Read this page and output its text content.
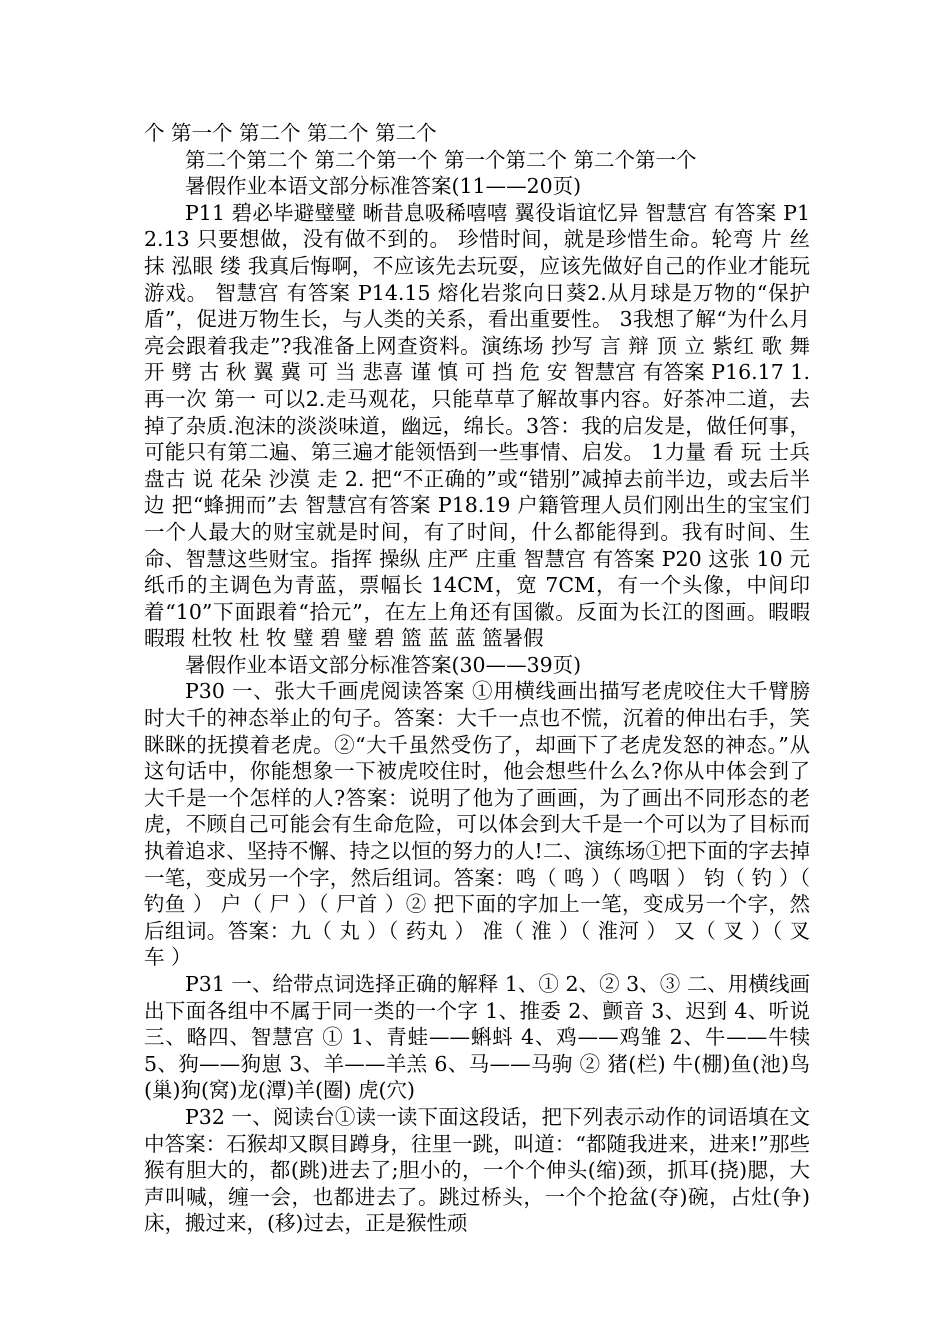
个 第一个 第二个 第二个 第二个

第二个第二个 第二个第一个 第一个第二个 第二个第一个

暑假作业本语文部分标准答案(11——20页)

P11 碧必毕避璧璧 晰昔息吸稀嘻嘻 翼役诣谊忆异 智慧宫 有答案 P12.13 只要想做，没有做不到的。 珍惜时间，就是珍惜生命。轮弯 片 丝 抹 泓眼 缕 我真后悔啊，不应该先去玩耍，应该先做好自己的作业才能玩游戏。 智慧宫 有答案 P14.15 熔化岩浆向日葵2.从月球是万物的“保护盾”，促进万物生长，与人类的关系，看出重要性。 3我想了解“为什么月亮会跟着我走”?我准备上网查资料。演练场 抄写 言 辩 顶 立 紫红 歌 舞 开 劈 古 秋 翼 冀 可 当 悲喜 谨 慎 可 挡 危 安 智慧宫 有答案 P16.17 1.再一次 第一 可以2.走马观花，只能草草了解故事内容。好茶冲二道，去掉了杂质.泡沫的淡淡味道，幽远，绵长。3答：我的启发是，做任何事，可能只有第二遍、第三遍才能领悟到一些事情、启发。 1力量 看 玩 士兵 盘古 说 花朵 沙漠 走 2. 把“不正确的”或“错别”减掉去前半边，或去后半边 把“蜂拥而”去 智慧宫有答案 P18.19 户籍管理人员们刚出生的宝宝们一个人最大的财宝就是时间，有了时间，什么都能得到。我有时间、生命、智慧这些财宝。指挥 操纵 庄严 庄重 智慧宫 有答案 P20 这张 10 元纸币的主调色为青蓝，票幅长 14CM，宽 7CM，有一个头像，中间印着“10”下面跟着“拾元”，在左上角还有国徽。反面为长江的图画。暇暇 暇瑕 杜牧 杜 牧 璧 碧 璧 碧 篮 蓝 蓝 篮暑假

暑假作业本语文部分标准答案(30——39页)

P30 一、张大千画虎阅读答案 ①用横线画出描写老虎咬住大千臂膀时大千的神态举止的句子。答案：大千一点也不慌，沉着的伸出右手，笑眯眯的抚摸着老虎。②“大千虽然受伤了，却画下了老虎发怒的神态。”从这句话中，你能想象一下被虎咬住时，他会想些什么么?你从中体会到了大千是一个怎样的人?答案：说明了他为了画画，为了画出不同形态的老虎，不顾自己可能会有生命危险，可以体会到大千是一个可以为了目标而执着追求、坚持不懈、持之以恒的努力的人!二、演练场①把下面的字去掉一笔，变成另一个字，然后组词。答案：鸣（ 鸣 ）（ 鸣咽 ） 钧（ 钓 ）（ 钓鱼 ） 户（ 尸 ）（ 尸首 ）② 把下面的字加上一笔，变成另一个字，然后组词。答案：九（ 丸 ）（ 药丸 ） 准（ 淮 ）（ 淮河 ） 又（ 叉 ）（ 叉车 ）

P31 一、给带点词选择正确的解释 1、① 2、② 3、③ 二、用横线画出下面各组中不属于同一类的一个字 1、推委 2、颤音 3、迟到 4、听说三、略四、智慧宫 ① 1、青蛙——蝌蚪 4、鸡——鸡雏 2、牛——牛犊 5、狗——狗崽 3、羊——羊羔 6、马——马驹 ② 猪(栏) 牛(棚)鱼(池)鸟(巢)狗(窝)龙(潭)羊(圈) 虎(穴)

P32 一、阅读台①读一读下面这段话，把下列表示动作的词语填在文中答案：石猴却又瞑目蹲身，往里一跳，叫道：“都随我进来，进来!”那些猴有胆大的，都(跳)进去了;胆小的，一个个伸头(缩)颈，抓耳(挠)腮，大声叫喊，缠一会，也都进去了。跳过桥头，一个个抢盆(夺)碗，占灶(争)床，搬过来，(移)过去，正是猴性顽
